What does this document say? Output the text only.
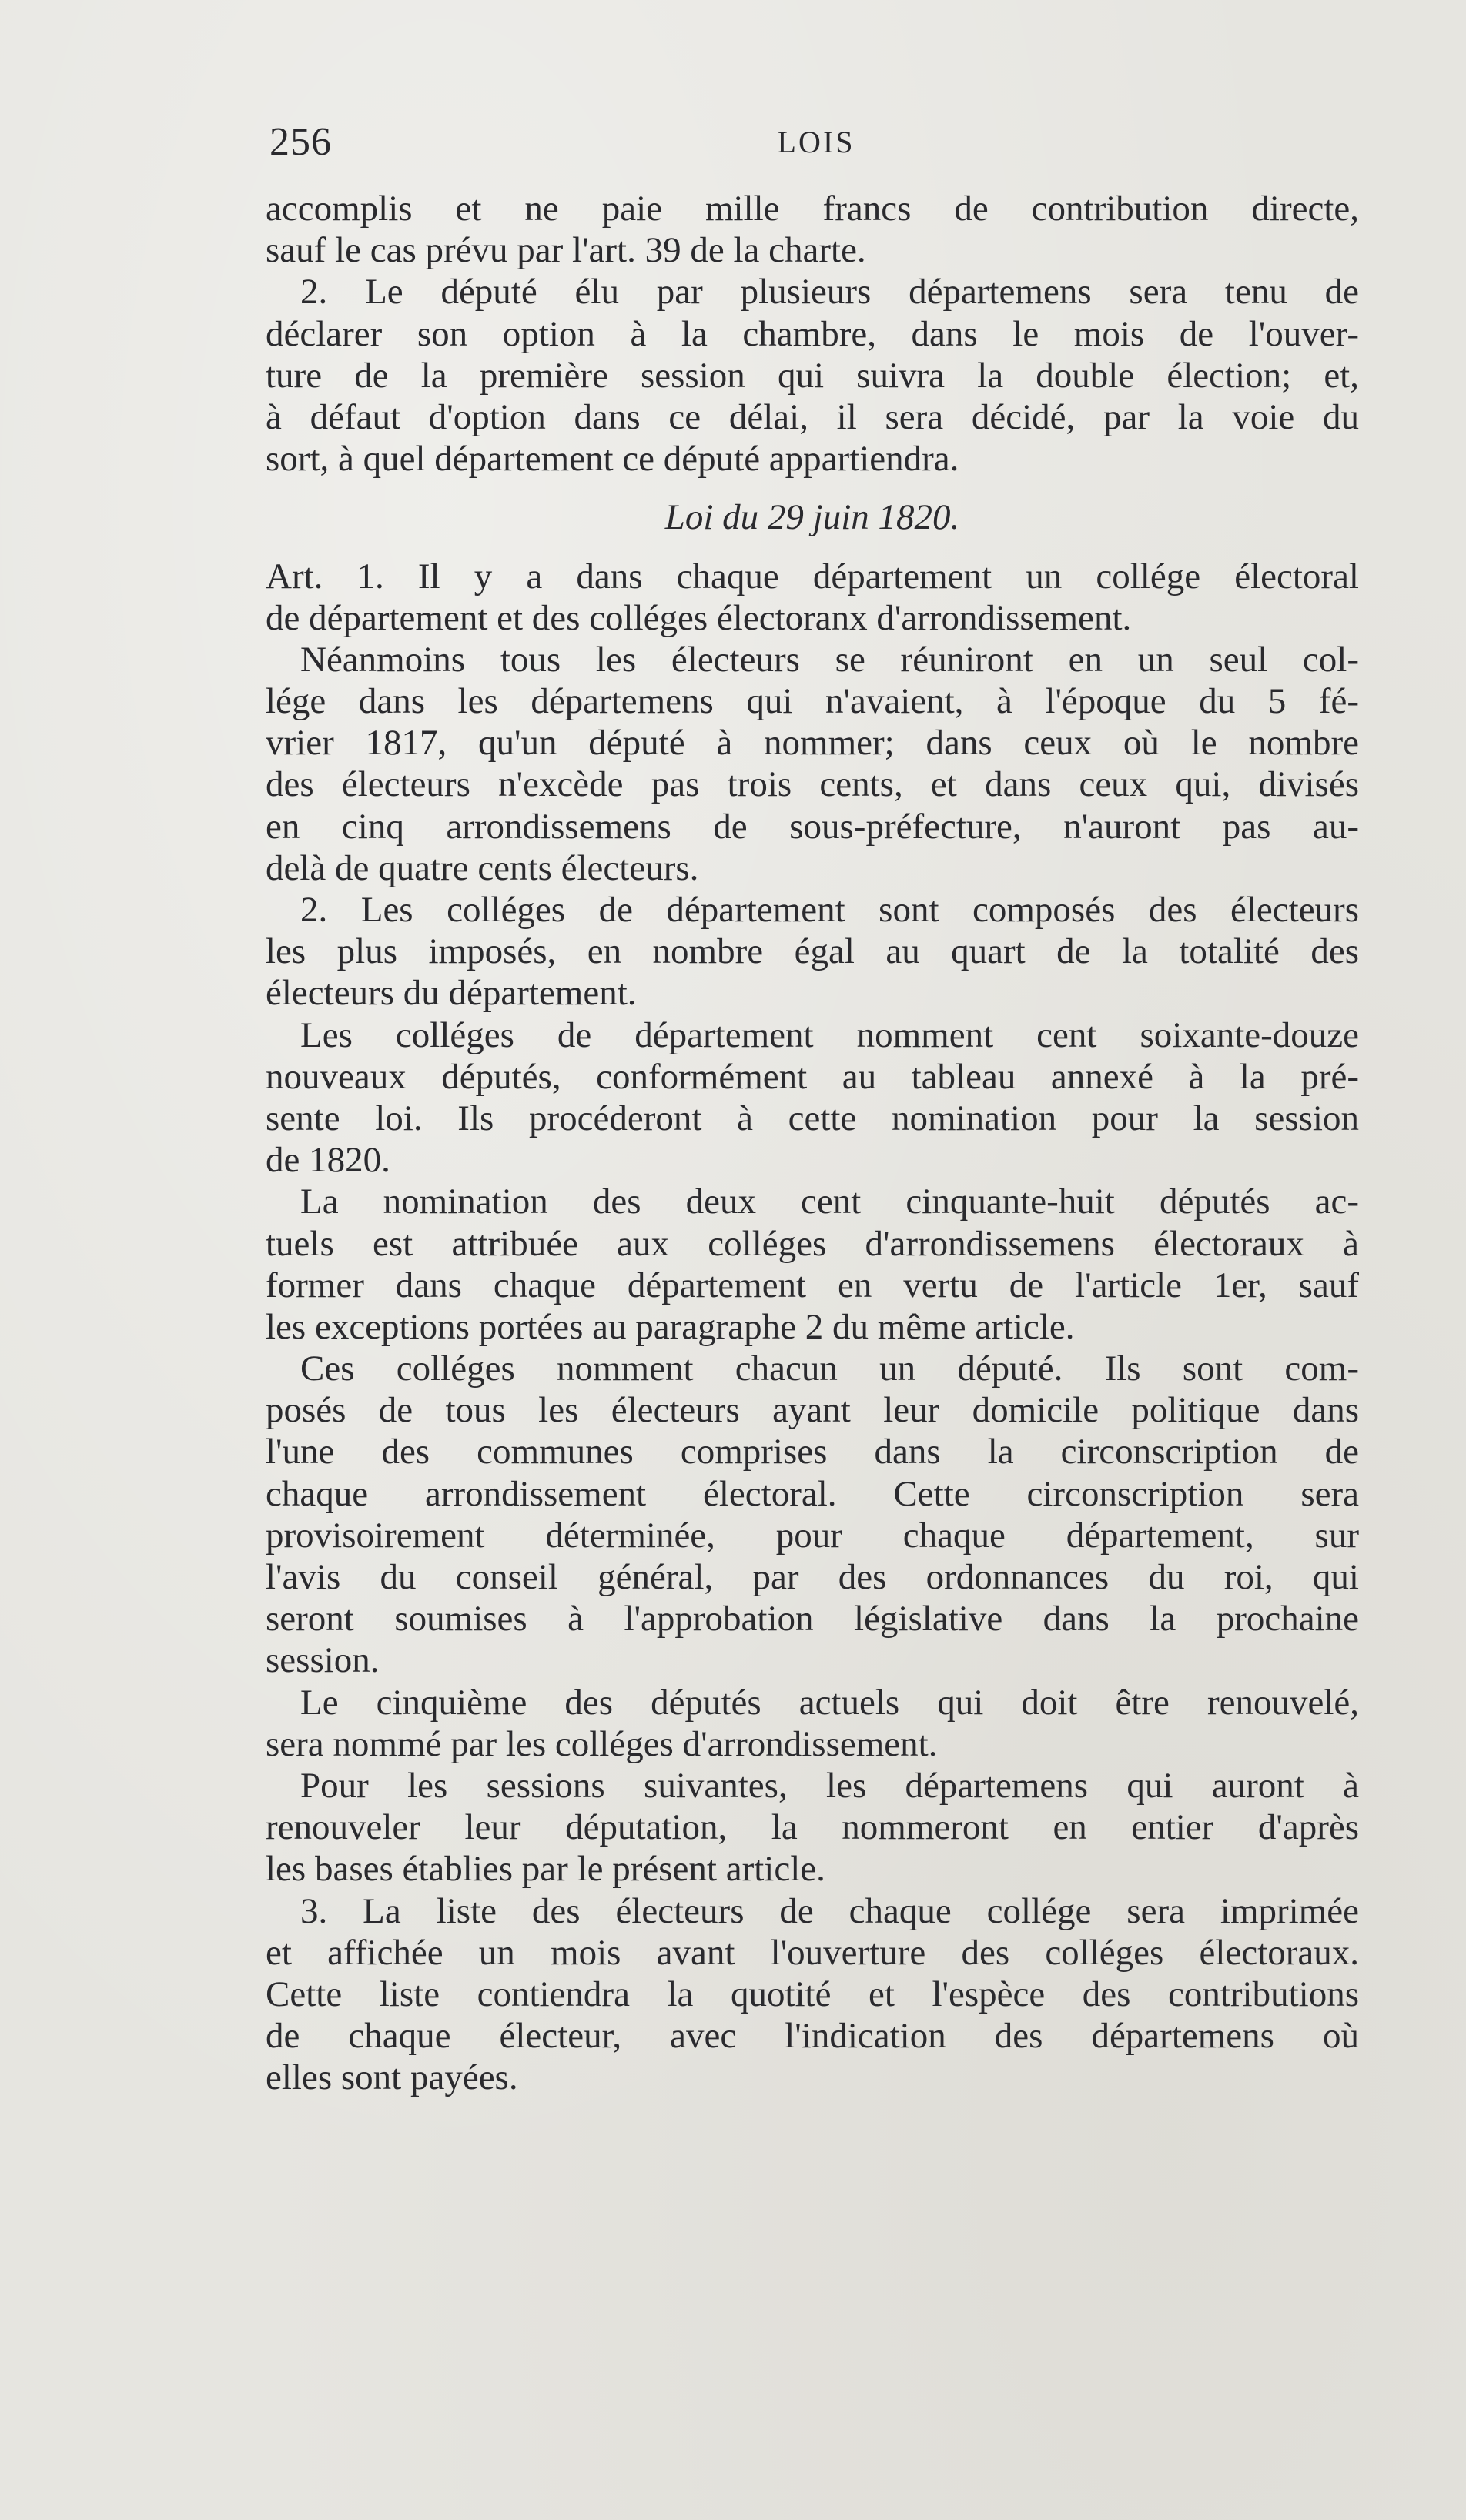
LOIS
256
accomplis et ne paie mille francs de contribution directe,
sauf le cas prévu par l'art. 39 de la charte.
2. Le député élu par plusieurs départemens sera tenu de
déclarer son option à la chambre, dans le mois de l'ouver-
ture de la première session qui suivra la double élection; et,
à défaut d'option dans ce délai, il sera décidé, par la voie du
sort, à quel département ce député appartiendra.
Loi du 29 juin 1820.
Art. 1. Il y a dans chaque département un collége électoral
de département et des colléges électoranx d'arrondissement.
Néanmoins tous les électeurs se réuniront en un seul col-
lége dans les départemens qui n'avaient, à l'époque du 5 fé-
vrier 1817, qu'un député à nommer; dans ceux où le nombre
des électeurs n'excède pas trois cents, et dans ceux qui, divisés
en cinq arrondissemens de sous-préfecture, n'auront pas au-
delà de quatre cents électeurs.
2. Les colléges de département sont composés des électeurs
les plus imposés, en nombre égal au quart de la totalité des
électeurs du département.
Les colléges de département nomment cent soixante-douze
nouveaux députés, conformément au tableau annexé à la pré-
sente loi. Ils procéderont à cette nomination pour la session
de 1820.
La nomination des deux cent cinquante-huit députés ac-
tuels est attribuée aux colléges d'arrondissemens électoraux à
former dans chaque département en vertu de l'article 1er, sauf
les exceptions portées au paragraphe 2 du même article.
Ces colléges nomment chacun un député. Ils sont com-
posés de tous les électeurs ayant leur domicile politique dans
l'une des communes comprises dans la circonscription de
chaque arrondissement électoral. Cette circonscription sera
provisoirement déterminée, pour chaque département, sur
l'avis du conseil général, par des ordonnances du roi, qui
seront soumises à l'approbation législative dans la prochaine
session.
Le cinquième des députés actuels qui doit être renouvelé,
sera nommé par les colléges d'arrondissement.
Pour les sessions suivantes, les départemens qui auront à
renouveler leur députation, la nommeront en entier d'après
les bases établies par le présent article.
3. La liste des électeurs de chaque collége sera imprimée
et affichée un mois avant l'ouverture des colléges électoraux.
Cette liste contiendra la quotité et l'espèce des contributions
de chaque électeur, avec l'indication des départemens où
elles sont payées.
